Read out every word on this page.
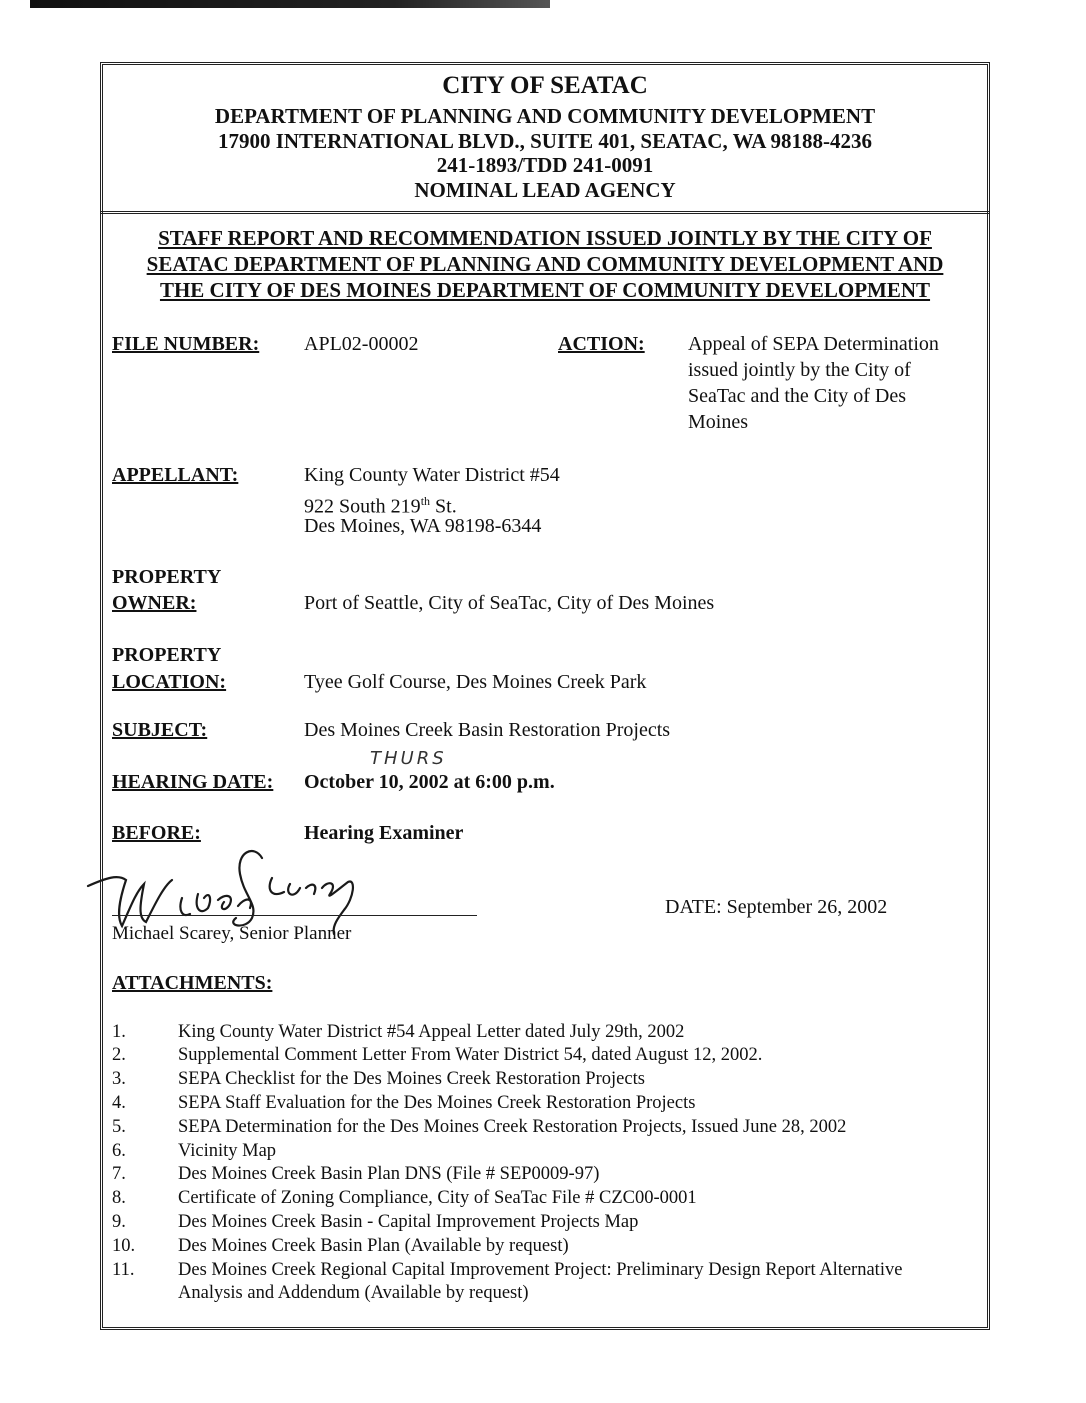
CITY OF SEATAC
DEPARTMENT OF PLANNING AND COMMUNITY DEVELOPMENT
17900 INTERNATIONAL BLVD., SUITE 401, SEATAC, WA 98188-4236
241-1893/TDD 241-0091
NOMINAL LEAD AGENCY
STAFF REPORT AND RECOMMENDATION ISSUED JOINTLY BY THE CITY OF
SEATAC DEPARTMENT OF PLANNING AND COMMUNITY DEVELOPMENT AND
THE CITY OF DES MOINES DEPARTMENT OF COMMUNITY DEVELOPMENT
FILE NUMBER: APL02-00002	ACTION: Appeal of SEPA Determination
issued jointly by the City of
SeaTac and the City of Des
Moines
APPELLANT:	King County Water District #54
922 South 219th St.
Des Moines, WA 98198-6344
PROPERTY
OWNER:	Port of Seattle, City of SeaTac, City of Des Moines
PROPERTY
LOCATION:	Tyee Golf Course, Des Moines Creek Park
SUBJECT:	Des Moines Creek Basin Restoration Projects
THURS
HEARING DATE: October 10, 2002 at 6:00 p.m.
BEFORE:	Hearing Examiner
Michael Scarey, Senior Planner
DATE: September 26, 2002
ATTACHMENTS:
1.	King County Water District #54 Appeal Letter dated July 29th, 2002
2.	Supplemental Comment Letter From Water District 54, dated August 12, 2002.
3.	SEPA Checklist for the Des Moines Creek Restoration Projects
4.	SEPA Staff Evaluation for the Des Moines Creek Restoration Projects
5.	SEPA Determination for the Des Moines Creek Restoration Projects, Issued June 28, 2002
6.	Vicinity Map
7.	Des Moines Creek Basin Plan DNS (File # SEP0009-97)
8.	Certificate of Zoning Compliance, City of SeaTac File # CZC00-0001
9.	Des Moines Creek Basin - Capital Improvement Projects Map
10. Des Moines Creek Basin Plan (Available by request)
11. Des Moines Creek Regional Capital Improvement Project: Preliminary Design Report Alternative Analysis and Addendum (Available by request)
